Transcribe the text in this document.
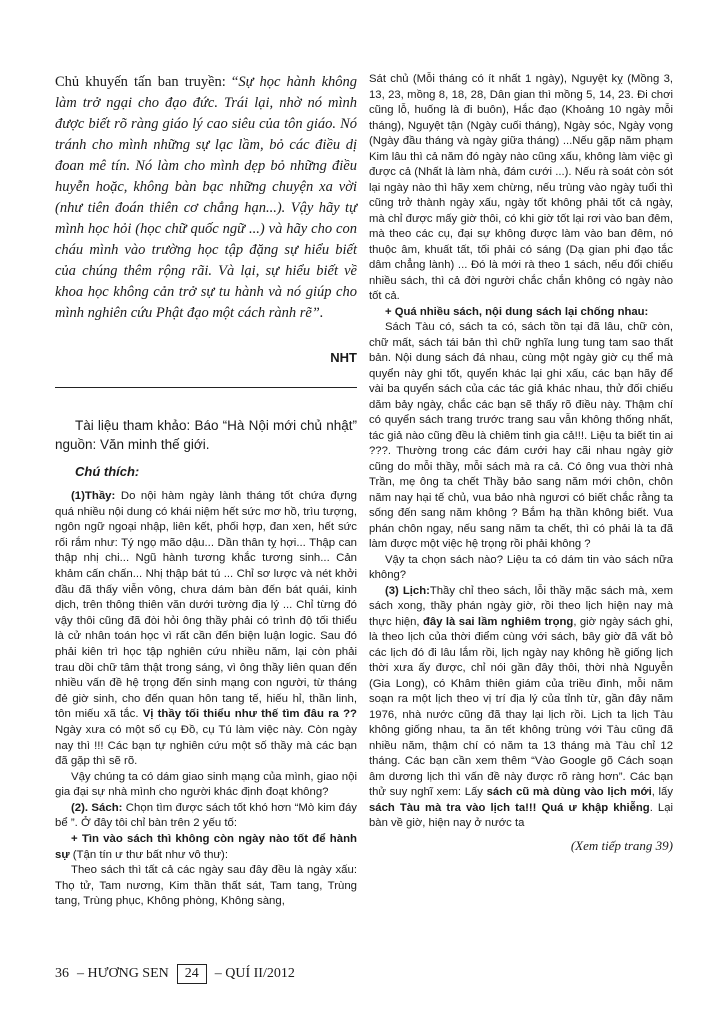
Chủ khuyến tấn ban truyền: “Sự học hành không làm trở ngại cho đạo đức. Trái lại, nhờ nó mình được biết rõ ràng giáo lý cao siêu của tôn giáo. Nó tránh cho mình những sự lạc lầm, bỏ các điều dị đoan mê tín. Nó làm cho mình dẹp bỏ những điều huyễn hoặc, không bàn bạc những chuyện xa vời (như tiên đoán thiên cơ chẳng hạn...). Vậy hãy tự mình học hỏi (học chữ quốc ngữ ...) và hãy cho con cháu mình vào trường học tập đặng sự hiểu biết của chúng thêm rộng rãi. Và lại, sự hiểu biết về khoa học không cản trở sự tu hành và nó giúp cho mình nghiên cứu Phật đạo một cách rành rẽ”.

NHT

Tài liệu tham khảo: Báo “Hà Nội mới chủ nhật” nguồn: Văn minh thế giới.

Chú thích:

(1)Thầy: Do nội hàm ngày lành tháng tốt chứa đựng quá nhiều nội dung có khái niệm hết sức mơ hồ, trìu tượng, ngôn ngữ ngoại nhập, liên kết, phối hợp, đan xen, hết sức rối rắm như: Tý ngọ mão dậu... Dần thân tỵ hợi... Thập can thập nhị chi... Ngũ hành tương khắc tương sinh... Cản khảm cấn chấn... Nhị thập bát tú ... Chỉ sơ lược và nét khởi đầu đã thấy viễn vông, chưa dám bàn đến bát quái, kinh dịch, trên thông thiên văn dưới tường địa lý ... Chỉ từng đó vậy thôi cũng đã đòi hỏi ông thầy phải có trình độ tối thiểu là cử nhân toán học vì rất cần đến biện luận logic. Sau đó phải kiên trì học tập nghiên cứu nhiều năm, lại còn phải trau dồi chữ tâm thật trong sáng, vì ông thầy liên quan đến nhiều vấn đề hệ trọng đến sinh mạng con người, từ tháng đẻ giờ sinh, cho đến quan hôn tang tế, hiếu hỉ, thần linh, tôn miếu xã tắc. Vị thầy tối thiểu như thế tìm đâu ra ?? Ngày xưa có một số cụ Đồ, cụ Tú làm việc này. Còn ngày nay thì !!! Các bạn tự nghiên cứu một số thầy mà các bạn đã gặp thì sẽ rõ.

Vậy chúng ta có dám giao sinh mạng của mình, giao nội gia đại sự nhà mình cho người khác định đoạt không?

(2). Sách: Chọn tìm được sách tốt khó hơn “Mò kim đáy bể ”. Ở đây tôi chỉ bàn trên 2 yếu tố:

+ Tìn vào sách thì không còn ngày nào tốt để hành sự (Tận tín ư thư bất như vô thư):

Theo sách thì tất cả các ngày sau đây đều là ngày xấu: Thọ tử, Tam nương, Kim thần thất sát, Tam tang, Trùng tang, Trùng phục, Không phòng, Không sàng,

Sát chủ (Mỗi tháng có ít nhất 1 ngày), Nguyệt kỵ (Mồng 3, 13, 23, mồng 8, 18, 28, Dân gian thì mồng 5, 14, 23. Đi chơi cũng lỗ, huống là đi buôn), Hắc đạo (Khoảng 10 ngày mỗi tháng), Nguyệt tận (Ngày cuối tháng), Ngày sóc, Ngày vọng (Ngày đầu tháng và ngày giữa tháng) ...Nếu gặp năm phạm Kim lâu thì cả năm đó ngày nào cũng xấu, không làm việc gì được cả (Nhất là làm nhà, đám cưới ...). Nếu rà soát còn sót lại ngày nào thì hãy xem chừng, nếu trùng vào ngày tuổi thì cũng trở thành ngày xấu, ngày tốt không phải tốt cả ngày, mà chỉ được mấy giờ thôi, có khi giờ tốt lại rơi vào ban đêm, mà theo các cụ, đại sự không được làm vào ban đêm, nó thuộc âm, khuất tất, tối phải có sáng (Dạ gian phi đạo tắc dâm chẳng lành) ... Đó là mới rà theo 1 sách, nếu đối chiếu nhiều sách, thì cả đời người chắc chắn không có ngày nào tốt cả.

+ Quá nhiều sách, nội dung sách lại chống nhau:

Sách Tàu có, sách ta có, sách tồn tại đã lâu, chữ còn, chữ mất, sách tái bản thì chữ nghĩa lung tung tam sao thất bản. Nội dung sách đá nhau, cùng một ngày giờ cụ thể mà quyển này ghi tốt, quyển khác lại ghi xấu, các bạn hãy để vài ba quyển sách của các tác giả khác nhau, thử đối chiếu dăm bảy ngày, chắc các bạn sẽ thấy rõ điều này. Thậm chí có quyển sách trang trước trang sau vẫn không thống nhất, tác giả nào cũng đều là chiêm tinh gia cả!!!. Liệu ta biết tin ai ???. Thường trong các đám cưới hay cãi nhau ngày giờ cũng do mỗi thầy, mỗi sách mà ra cả. Có ông vua thời nhà Trần, mẹ ông ta chết Thầy bảo sang năm mới chôn, chôn năm nay hại tế chủ, vua bảo nhà ngươi có biết chắc rằng ta sống đến sang năm không ? Bắm hạ thần không biết. Vua phán chôn ngay, nếu sang năm ta chết, thì có phải là ta đã làm được một việc hệ trọng rồi phải không ?

Vậy ta chọn sách nào? Liệu ta có dám tin vào sách nữa không?

(3) Lịch:Thầy chỉ theo sách, lỗi thầy mặc sách mà, xem sách xong, thầy phán ngày giờ, rồi theo lịch hiện nay mà thực hiện, đây là sai lầm nghiêm trọng, giờ ngày sách ghi, là theo lịch của thời điểm cùng với sách, bây giờ đã vất bỏ các lịch đó đi lâu lắm rồi, lịch ngày nay không hề giống lịch thời xưa ấy được, chỉ nói gần đây thôi, thời nhà Nguyễn (Gia Long), có Khâm thiên giám của triều đình, mỗi năm soạn ra một lịch theo vị trí địa lý của tỉnh từ, gần đây năm 1976, nhà nước cũng đã thay lại lịch rồi. Lịch ta lịch Tàu không giống nhau, ta ăn tết không trùng với Tàu cũng đã nhiều năm, thậm chí có năm ta 13 tháng mà Tàu chỉ 12 tháng. Các bạn cần xem thêm “Vào Google gõ Cách soạn âm dương lịch thì vấn đề này được rõ ràng hơn”. Các bạn thử suy nghĩ xem: Lấy sách cũ mà dùng vào lịch mới, lấy sách Tàu mà tra vào lịch ta!!! Quá ư khập khiễng. Lại bàn về giờ, hiện nay ở nước ta

(Xem tiếp trang 39)

36 – HƯƠNG SEN	24	– QUÍ II/2012
